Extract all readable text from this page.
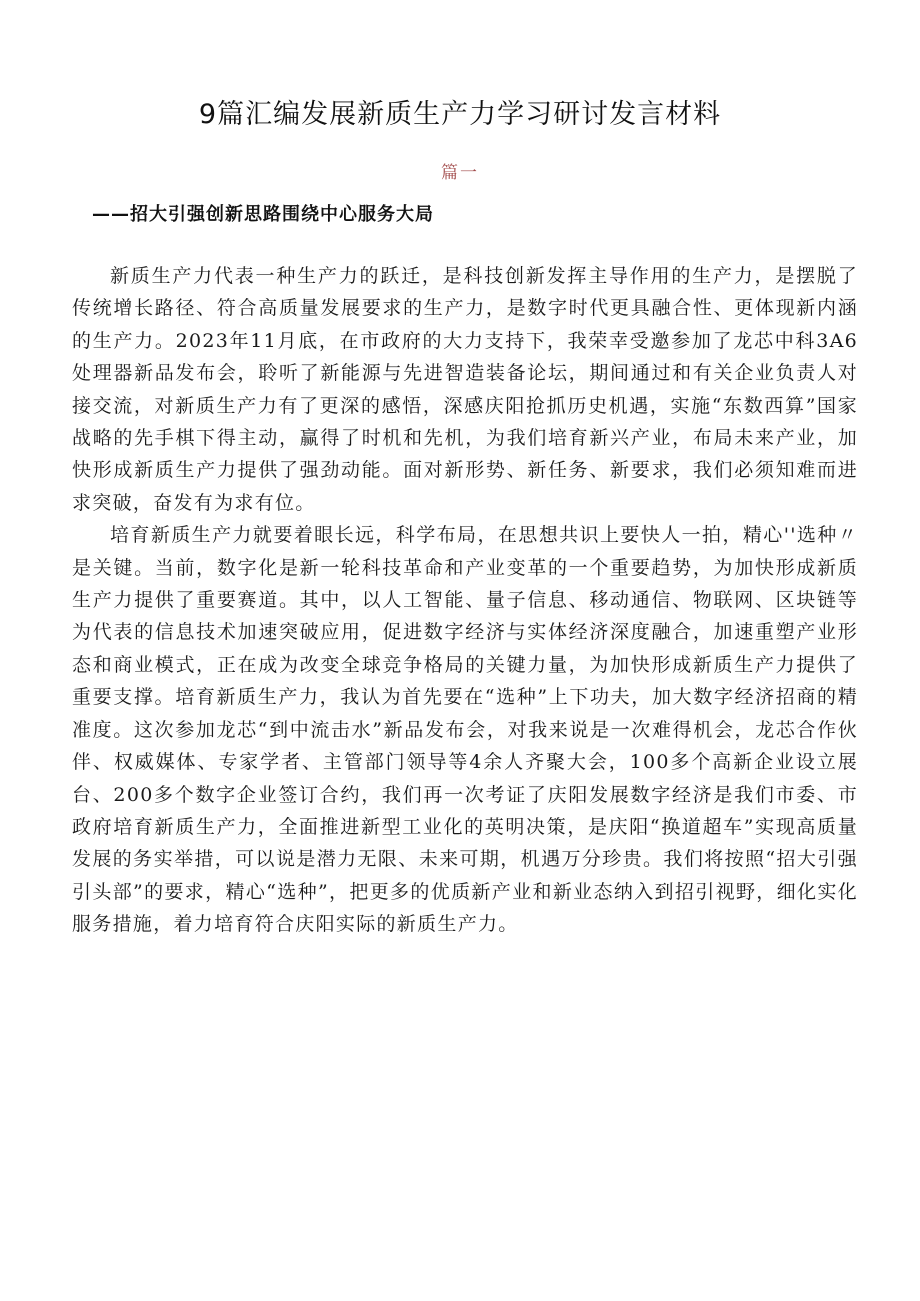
9篇汇编发展新质生产力学习研讨发言材料
篇一
——招大引强创新思路围绕中心服务大局

新质生产力代表一种生产力的跃迁，是科技创新发挥主导作用的生产力，是摆脱了传统增长路径、符合高质量发展要求的生产力，是数字时代更具融合性、更体现新内涵的生产力。2023年11月底，在市政府的大力支持下，我荣幸受邀参加了龙芯中科3A6处理器新品发布会，聆听了新能源与先进智造装备论坛，期间通过和有关企业负责人对接交流，对新质生产力有了更深的感悟，深感庆阳抢抓历史机遇，实施“东数西算”国家战略的先手棋下得主动，赢得了时机和先机，为我们培育新兴产业，布局未来产业，加快形成新质生产力提供了强劲动能。面对新形势、新任务、新要求，我们必须知难而进求突破，奋发有为求有位。

培育新质生产力就要着眼长远，科学布局，在思想共识上要快人一拍，精心''选种〃是关键。当前，数字化是新一轮科技革命和产业变革的一个重要趋势，为加快形成新质生产力提供了重要赛道。其中，以人工智能、量子信息、移动通信、物联网、区块链等为代表的信息技术加速突破应用，促进数字经济与实体经济深度融合，加速重塑产业形态和商业模式，正在成为改变全球竞争格局的关键力量，为加快形成新质生产力提供了重要支撑。培育新质生产力，我认为首先要在“选种”上下功夫，加大数字经济招商的精准度。这次参加龙芯“到中流击水”新品发布会，对我来说是一次难得机会，龙芯合作伙伴、权威媒体、专家学者、主管部门领导等4余人齐聚大会，100多个高新企业设立展台、200多个数字企业签订合约，我们再一次考证了庆阳发展数字经济是我们市委、市政府培育新质生产力，全面推进新型工业化的英明决策，是庆阳“换道超车”实现高质量发展的务实举措，可以说是潜力无限、未来可期，机遇万分珍贵。我们将按照“招大引强引头部”的要求，精心“选种”，把更多的优质新产业和新业态纳入到招引视野，细化实化服务措施，着力培育符合庆阳实际的新质生产力。
